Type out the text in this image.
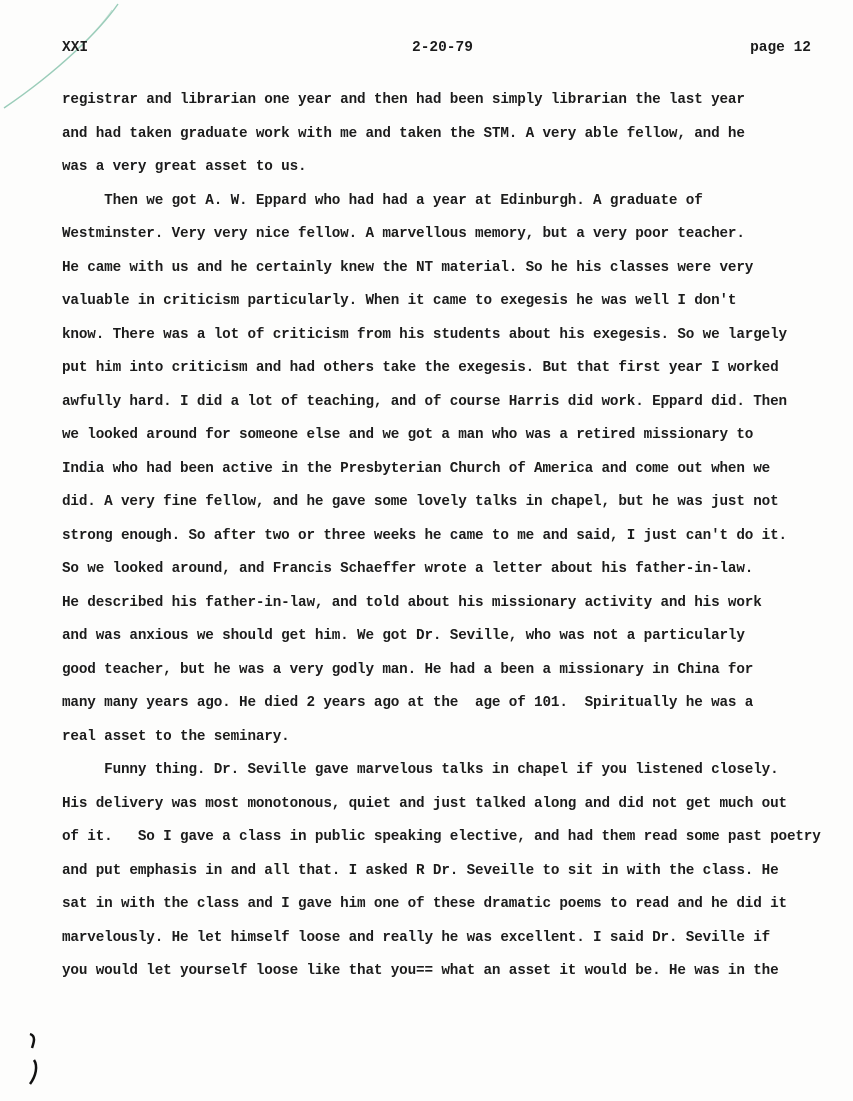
XXI	2-20-79	page 12
registrar and librarian one year and then had been simply librarian the last year
and had taken graduate work with me and taken the STM. A very able fellow, and he
was a very great asset to us.
Then we got A. W. Eppard who had had a year at Edinburgh. A graduate of
Westminster. Very very nice fellow. A marvellous memory, but a very poor teacher.
He came with us and he certainly knew the NT material. So he his classes were very
valuable in criticism particularly. When it came to exegesis he was well I don't
know. There was a lot of criticism from his students about his exegesis. So we largely
put him into criticism and had others take the exegesis. But that first year I worked
awfully hard. I did a lot of teaching, and of course Harris did work. Eppard did. Then
we looked around for someone else and we got a man who was a retired missionary to
India who had been active in the Presbyterian Church of America and come out when we
did. A very fine fellow, and he gave some lovely talks in chapel, but he was just not
strong enough. So after two or three weeks he came to me and said, I just can't do it.
So we looked around, and Francis Schaeffer wrote a letter about his father-in-law.
He described his father-in-law, and told about his missionary activity and his work
and was anxious we should get him. We got Dr. Seville, who was not a particularly
good teacher, but he was a very godly man. He had a been a missionary in China for
many many years ago. He died 2 years ago at the  age of 101.  Spiritually he was a
real asset to the seminary.
Funny thing. Dr. Seville gave marvelous talks in chapel if you listened closely.
His delivery was most monotonous, quiet and just talked along and did not get much out
of it.   So I gave a class in public speaking elective, and had them read some past poetry
and put emphasis in and all that. I asked R Dr. Seveille to sit in with the class. He
sat in with the class and I gave him one of these dramatic poems to read and he did it
marvelously. He let himself loose and really he was excellent. I said Dr. Seville if
you would let yourself loose like that you== what an asset it would be. He was in the
